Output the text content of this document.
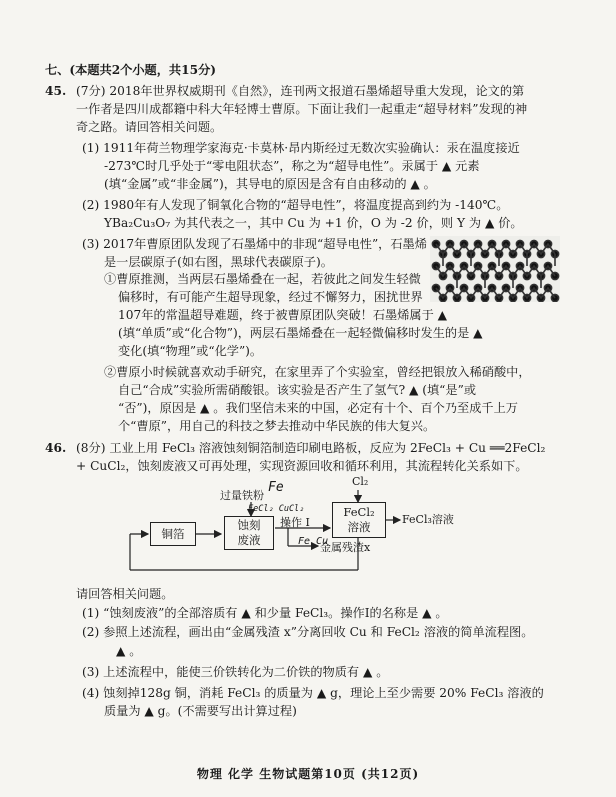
七、(本题共2个小题，共15分)
45. (7分) 2018年世界权威期刊《自然》，连刊两文报道石墨烯超导重大发现，论文的第
一作者是四川成都籍中科大年轻博士曹原。下面让我们一起重走“超导材料”发现的神
奇之路。请回答相关问题。
(1) 1911年荷兰物理学家海克·卡莫林·昂内斯经过无数次实验确认：汞在温度接近
-273℃时几乎处于“零电阻状态”，称之为“超导电性”。汞属于 ▲ 元素
(填“金属”或“非金属”)，其导电的原因是含有自由移动的 ▲ 。
(2) 1980年有人发现了铜氧化合物的“超导电性”，将温度提高到约为 -140℃。
YBa₂Cu₃O₇ 为其代表之一，其中 Cu 为 +1 价，O 为 -2 价，则 Y 为 ▲ 价。
(3) 2017年曹原团队发现了石墨烯中的非现“超导电性”，石墨烯
是一层碳原子(如右图，黑球代表碳原子)。
①曹原推测，当两层石墨烯叠在一起，若彼此之间发生轻微
偏移时，有可能产生超导现象，经过不懈努力，困扰世界
107年的常温超导难题，终于被曹原团队突破！石墨烯属于 ▲
(填“单质”或“化合物”)，两层石墨烯叠在一起轻微偏移时发生的是 ▲
变化(填“物理”或“化学”)。
②曹原小时候就喜欢动手研究，在家里弄了个实验室，曾经把银放入稀硝酸中，
自己“合成”实验所需硝酸银。该实验是否产生了氢气? ▲ (填“是”或
“否”)，原因是 ▲ 。我们坚信未来的中国，必定有十个、百个乃至成千上万
个“曹原”，用自己的科技之梦去推动中华民族的伟大复兴。
46. (8分) 工业上用 FeCl₃ 溶液蚀刻铜箔制造印刷电路板，反应为 2FeCl₃ + Cu ══2FeCl₂
+ CuCl₂，蚀刻废液又可再处理，实现资源回收和循环利用，其流程转化关系如下。
铜箔
蚀刻
废液
FeCl₂
溶液
过量铁粉
Fe
FeCl₂ CuCl₂
操作 I
Cl₂
FeCl₃溶液
Fe Cu
金属残渣x
请回答相关问题。
(1) “蚀刻废液”的全部溶质有 ▲ 和少量 FeCl₃。操作I的名称是 ▲ 。
(2) 参照上述流程，画出由“金属残渣 x”分离回收 Cu 和 FeCl₂ 溶液的简单流程图。
▲ 。
(3) 上述流程中，能使三价铁转化为二价铁的物质有 ▲ 。
(4) 蚀刻掉128g 铜，消耗 FeCl₃ 的质量为 ▲ g，理论上至少需要 20% FeCl₃ 溶液的
质量为 ▲ g。(不需要写出计算过程)
物理 化学 生物试题第10页 (共12页)
